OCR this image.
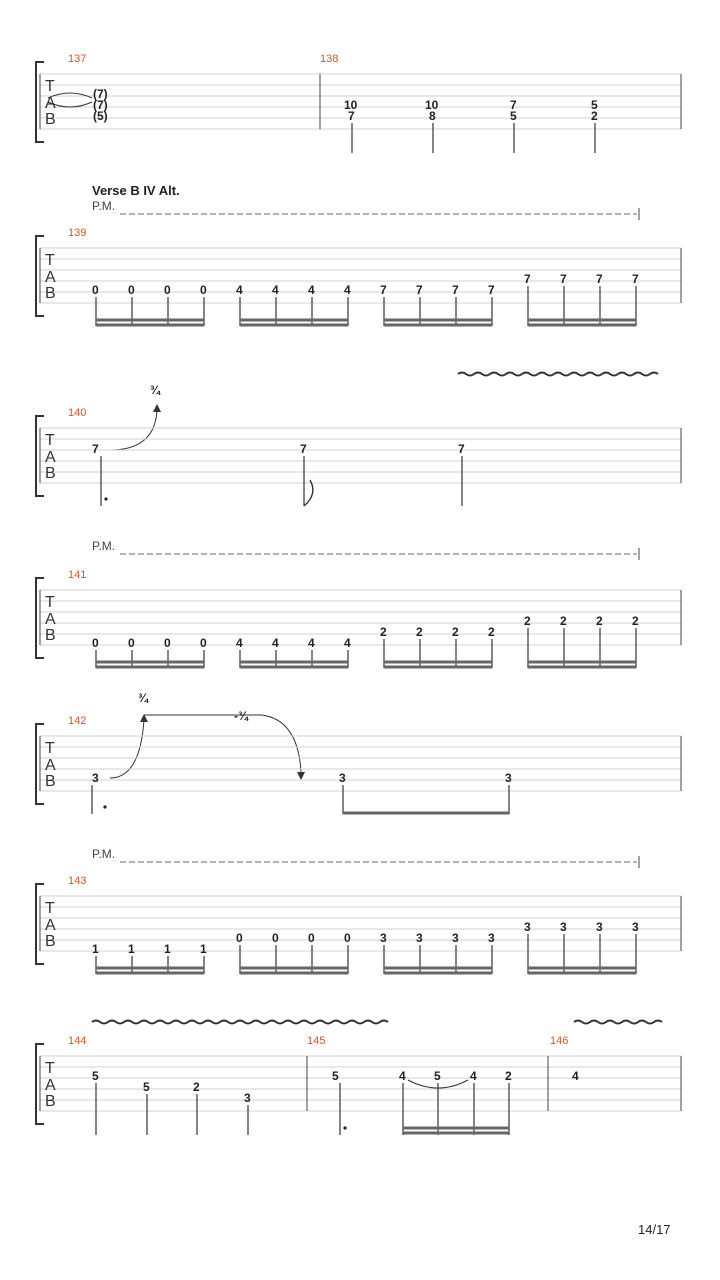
T
A
B
137	138
(7)
(7)
(5)
10
7
10
8
7
5
5
2
Verse B IV Alt.
P.M.
T
A
B
139
0 0 0 0 4 4 4 4 7 7 7 7
7 7 7 7
¾
T
A
B
140
7	7	7
P.M.
T
A
B
141
0 0 0 0 4 4 4 4
2 2 2 2
2 2 2 2
¾
-¾
T
A
B
142
3	3	3
P.M.
T
A
B
143
1 1 1 1
0 0 0 0 3 3 3 3
3 3 3 3
T
A
B
144	145	146
5
5	2
3
5	4 5 4 2	4
14/17
